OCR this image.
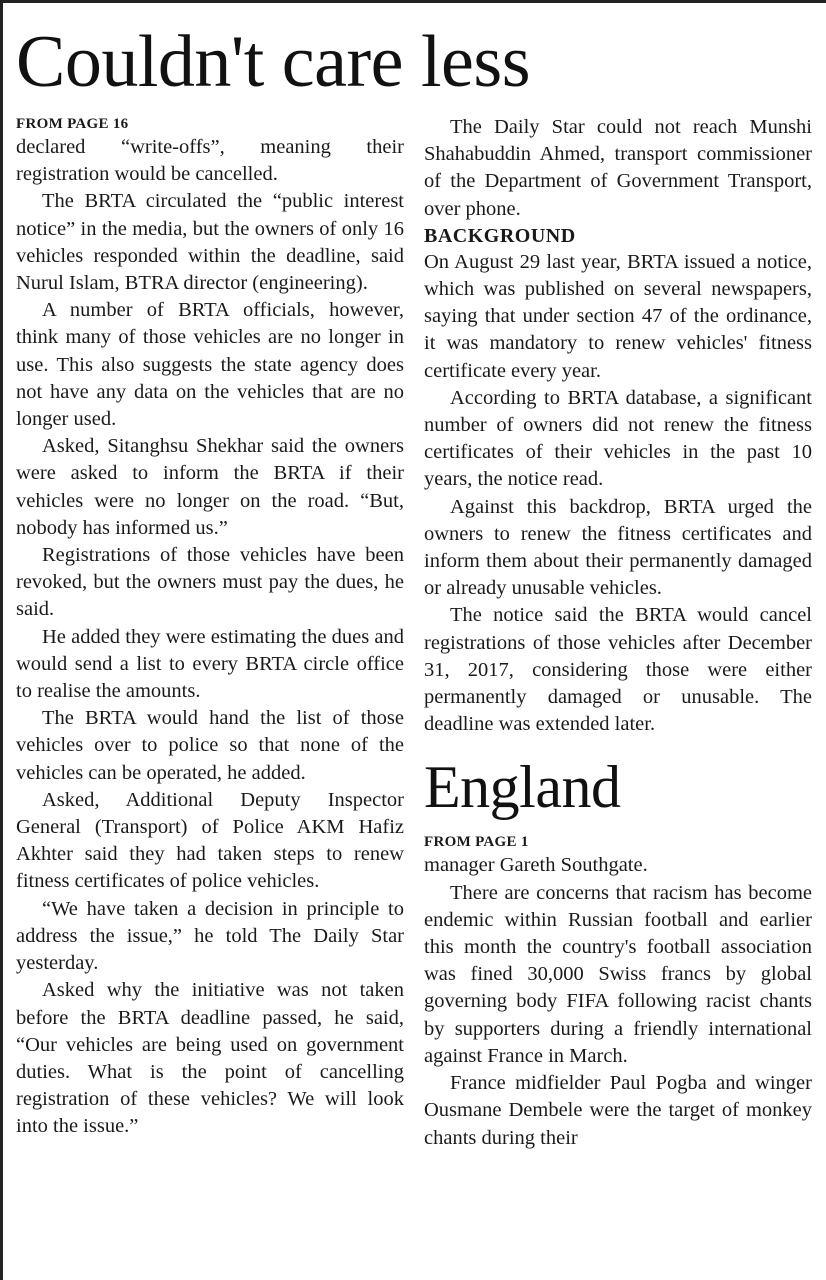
Couldn't care less

FROM PAGE 16

declared “write-offs”, meaning their registration would be cancelled.

The BRTA circulated the “public interest notice” in the media, but the owners of only 16 vehicles responded within the deadline, said Nurul Islam, BTRA director (engineering).

A number of BRTA officials, however, think many of those vehicles are no longer in use. This also suggests the state agency does not have any data on the vehicles that are no longer used.

Asked, Sitanghsu Shekhar said the owners were asked to inform the BRTA if their vehicles were no longer on the road. “But, nobody has informed us.”

Registrations of those vehicles have been revoked, but the owners must pay the dues, he said.

He added they were estimating the dues and would send a list to every BRTA circle office to realise the amounts.

The BRTA would hand the list of those vehicles over to police so that none of the vehicles can be operated, he added.

Asked, Additional Deputy Inspector General (Transport) of Police AKM Hafiz Akhter said they had taken steps to renew fitness certificates of police vehicles.

“We have taken a decision in principle to address the issue,” he told The Daily Star yesterday.

Asked why the initiative was not taken before the BRTA deadline passed, he said, “Our vehicles are being used on government duties. What is the point of cancelling registration of these vehicles? We will look into the issue.”

The Daily Star could not reach Munshi Shahabuddin Ahmed, transport commissioner of the Department of Government Transport, over phone.

BACKGROUND

On August 29 last year, BRTA issued a notice, which was published on several newspapers, saying that under section 47 of the ordinance, it was mandatory to renew vehicles' fitness certificate every year.

According to BRTA database, a significant number of owners did not renew the fitness certificates of their vehicles in the past 10 years, the notice read.

Against this backdrop, BRTA urged the owners to renew the fitness certificates and inform them about their permanently damaged or already unusable vehicles.

The notice said the BRTA would cancel registrations of those vehicles after December 31, 2017, considering those were either permanently damaged or unusable. The deadline was extended later.

England

FROM PAGE 1

manager Gareth Southgate.

There are concerns that racism has become endemic within Russian football and earlier this month the country's football association was fined 30,000 Swiss francs by global governing body FIFA following racist chants by supporters during a friendly international against France in March.

France midfielder Paul Pogba and winger Ousmane Dembele were the target of monkey chants during their
